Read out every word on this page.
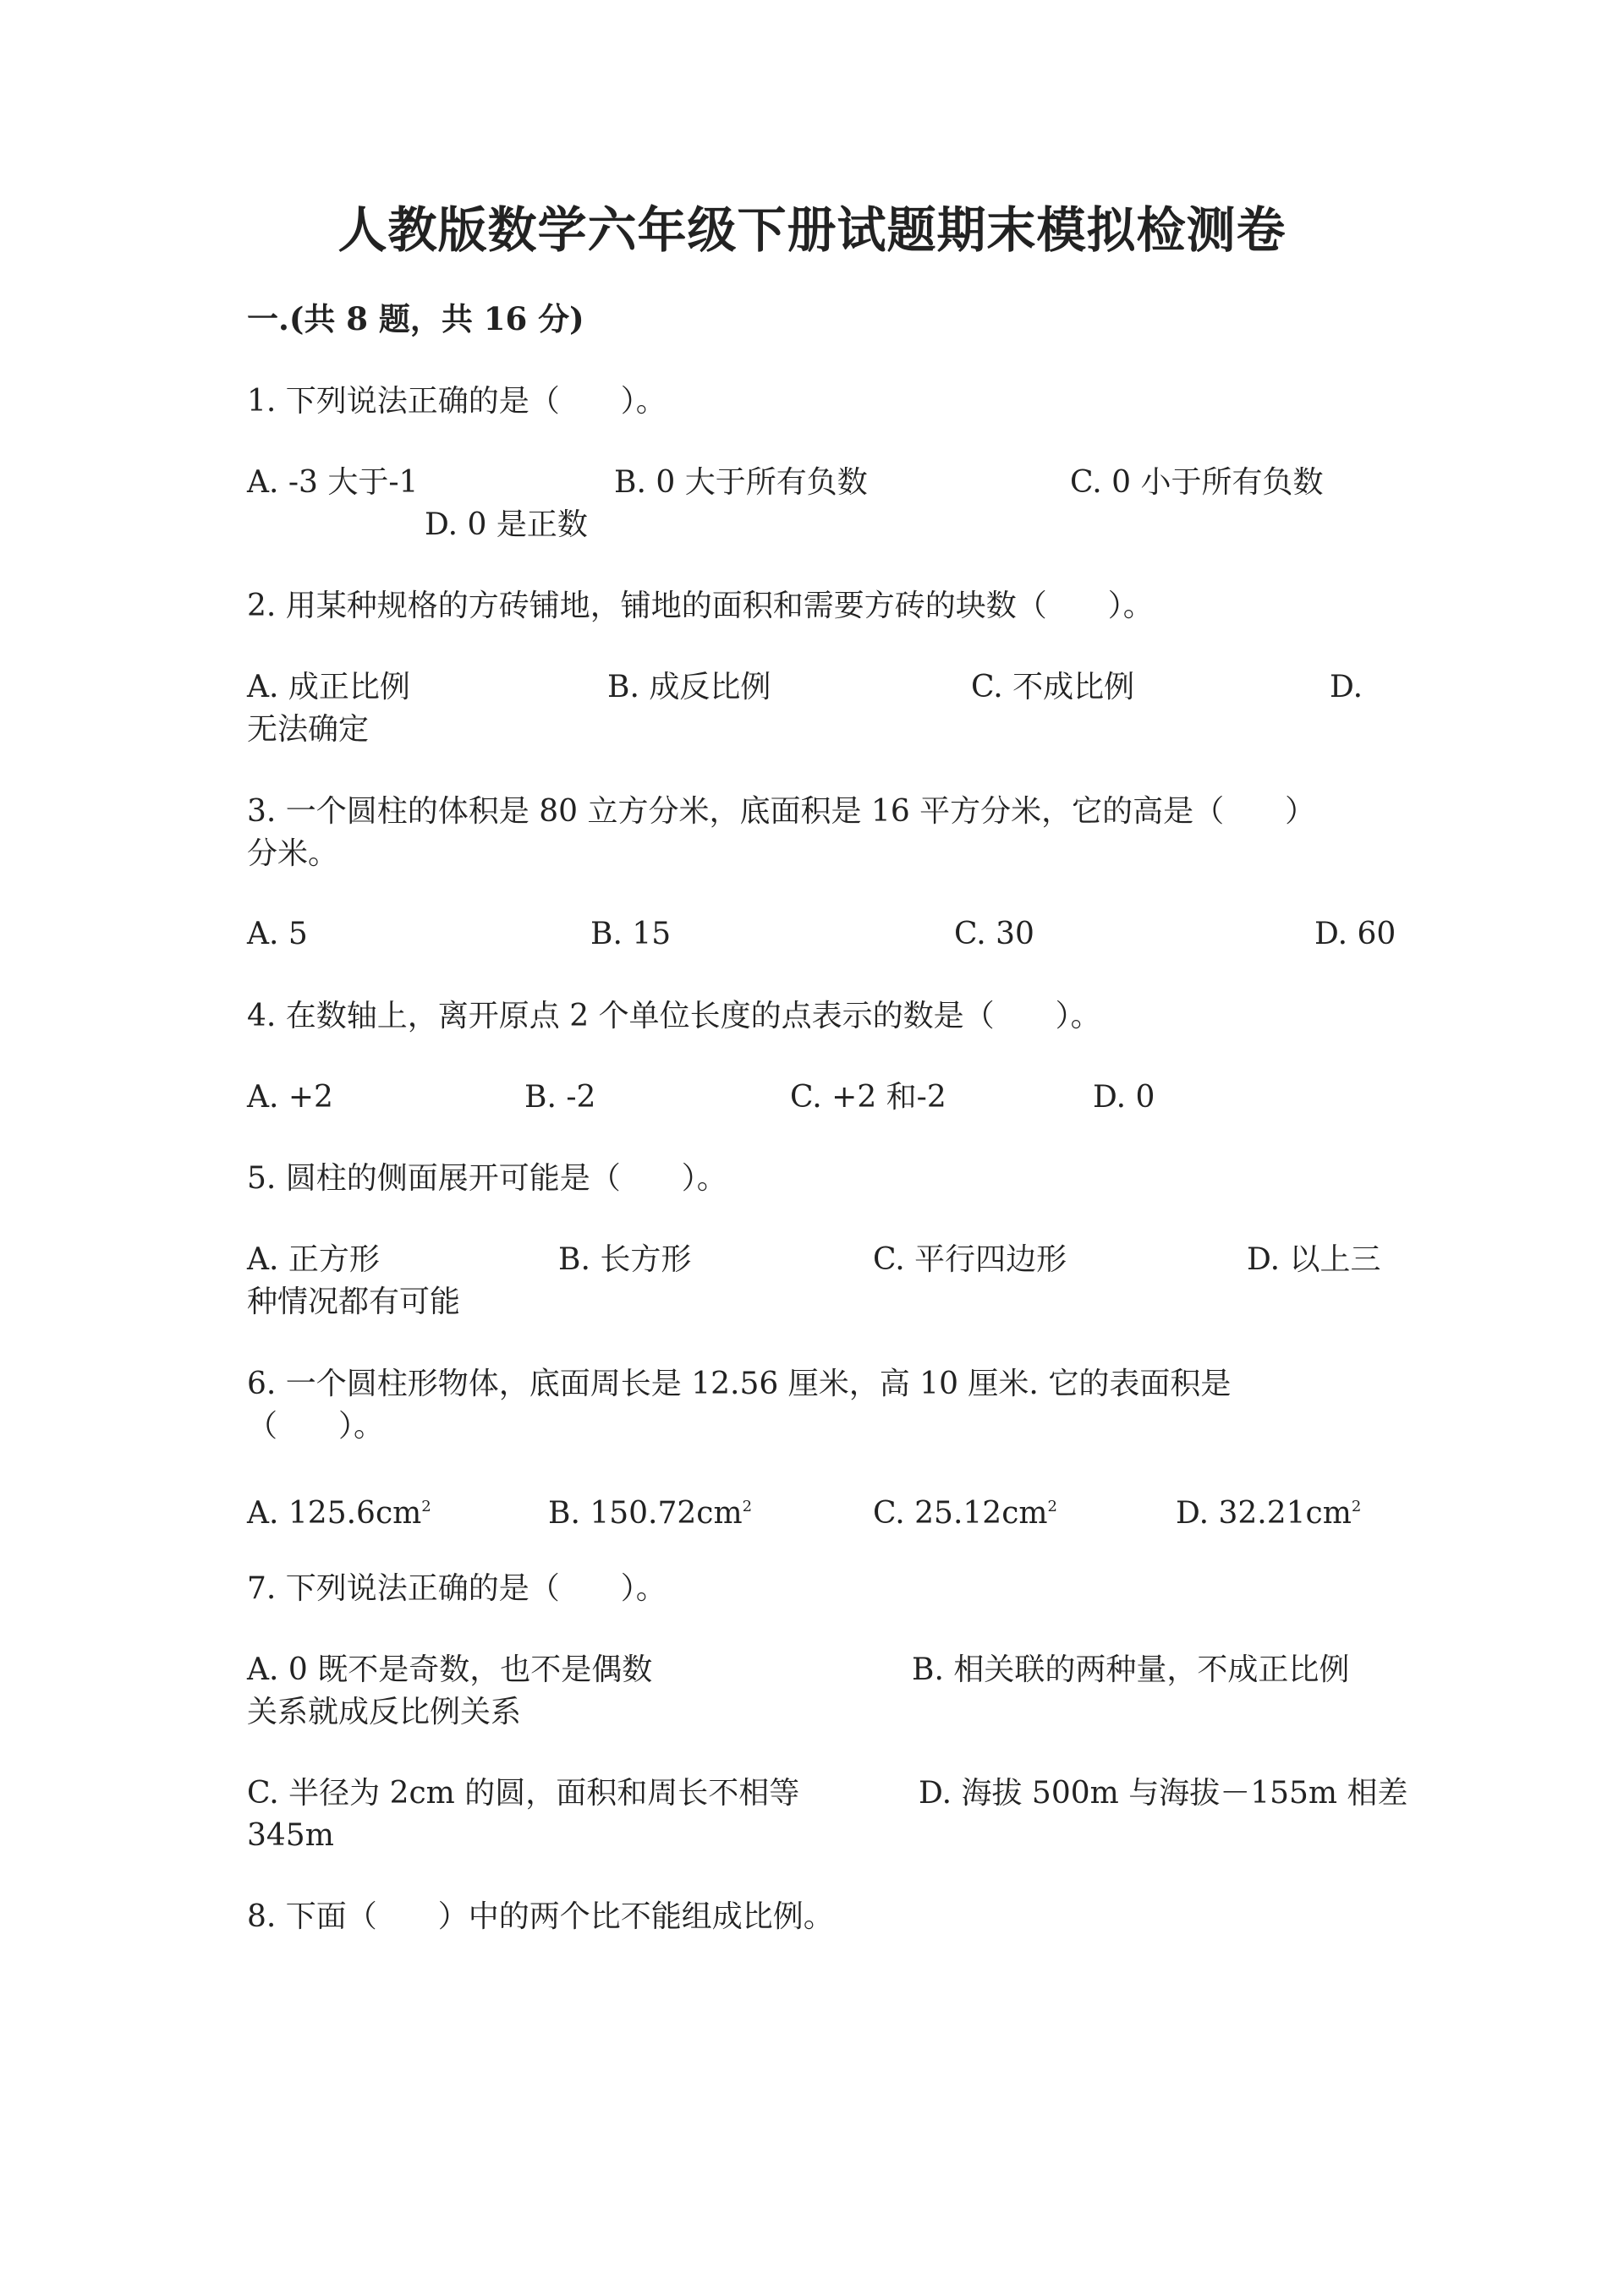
人教版数学六年级下册试题期末模拟检测卷
一.(共 8 题，共 16 分)
1. 下列说法正确的是（　　）。
A. -3 大于-1	B. 0 大于所有负数	C. 0 小于所有负数
D. 0 是正数
2. 用某种规格的方砖铺地，铺地的面积和需要方砖的块数（　　）。
A. 成正比例	B. 成反比例	C. 不成比例	D.
无法确定
3. 一个圆柱的体积是 80 立方分米，底面积是 16 平方分米，它的高是（　　）
分米。
A. 5	B. 15	C. 30	D. 60
4. 在数轴上，离开原点 2 个单位长度的点表示的数是（　　）。
A. +2	B. -2	C. +2 和-2	D. 0
5. 圆柱的侧面展开可能是（　　）。
A. 正方形	B. 长方形	C. 平行四边形	D. 以上三
种情况都有可能
6. 一个圆柱形物体，底面周长是 12.56 厘米，高 10 厘米. 它的表面积是
（　　）。
A. $125.6cm^2$	B. $150.72cm^2$	C. $25.12cm^2$	D. $32.21cm^2$
7. 下列说法正确的是（　　）。
A. 0 既不是奇数，也不是偶数	B. 相关联的两种量，不成正比例
关系就成反比例关系
C. 半径为 2cm 的圆，面积和周长不相等	D. 海拔 500m 与海拔－155m 相差
345m
8. 下面（　　）中的两个比不能组成比例。
